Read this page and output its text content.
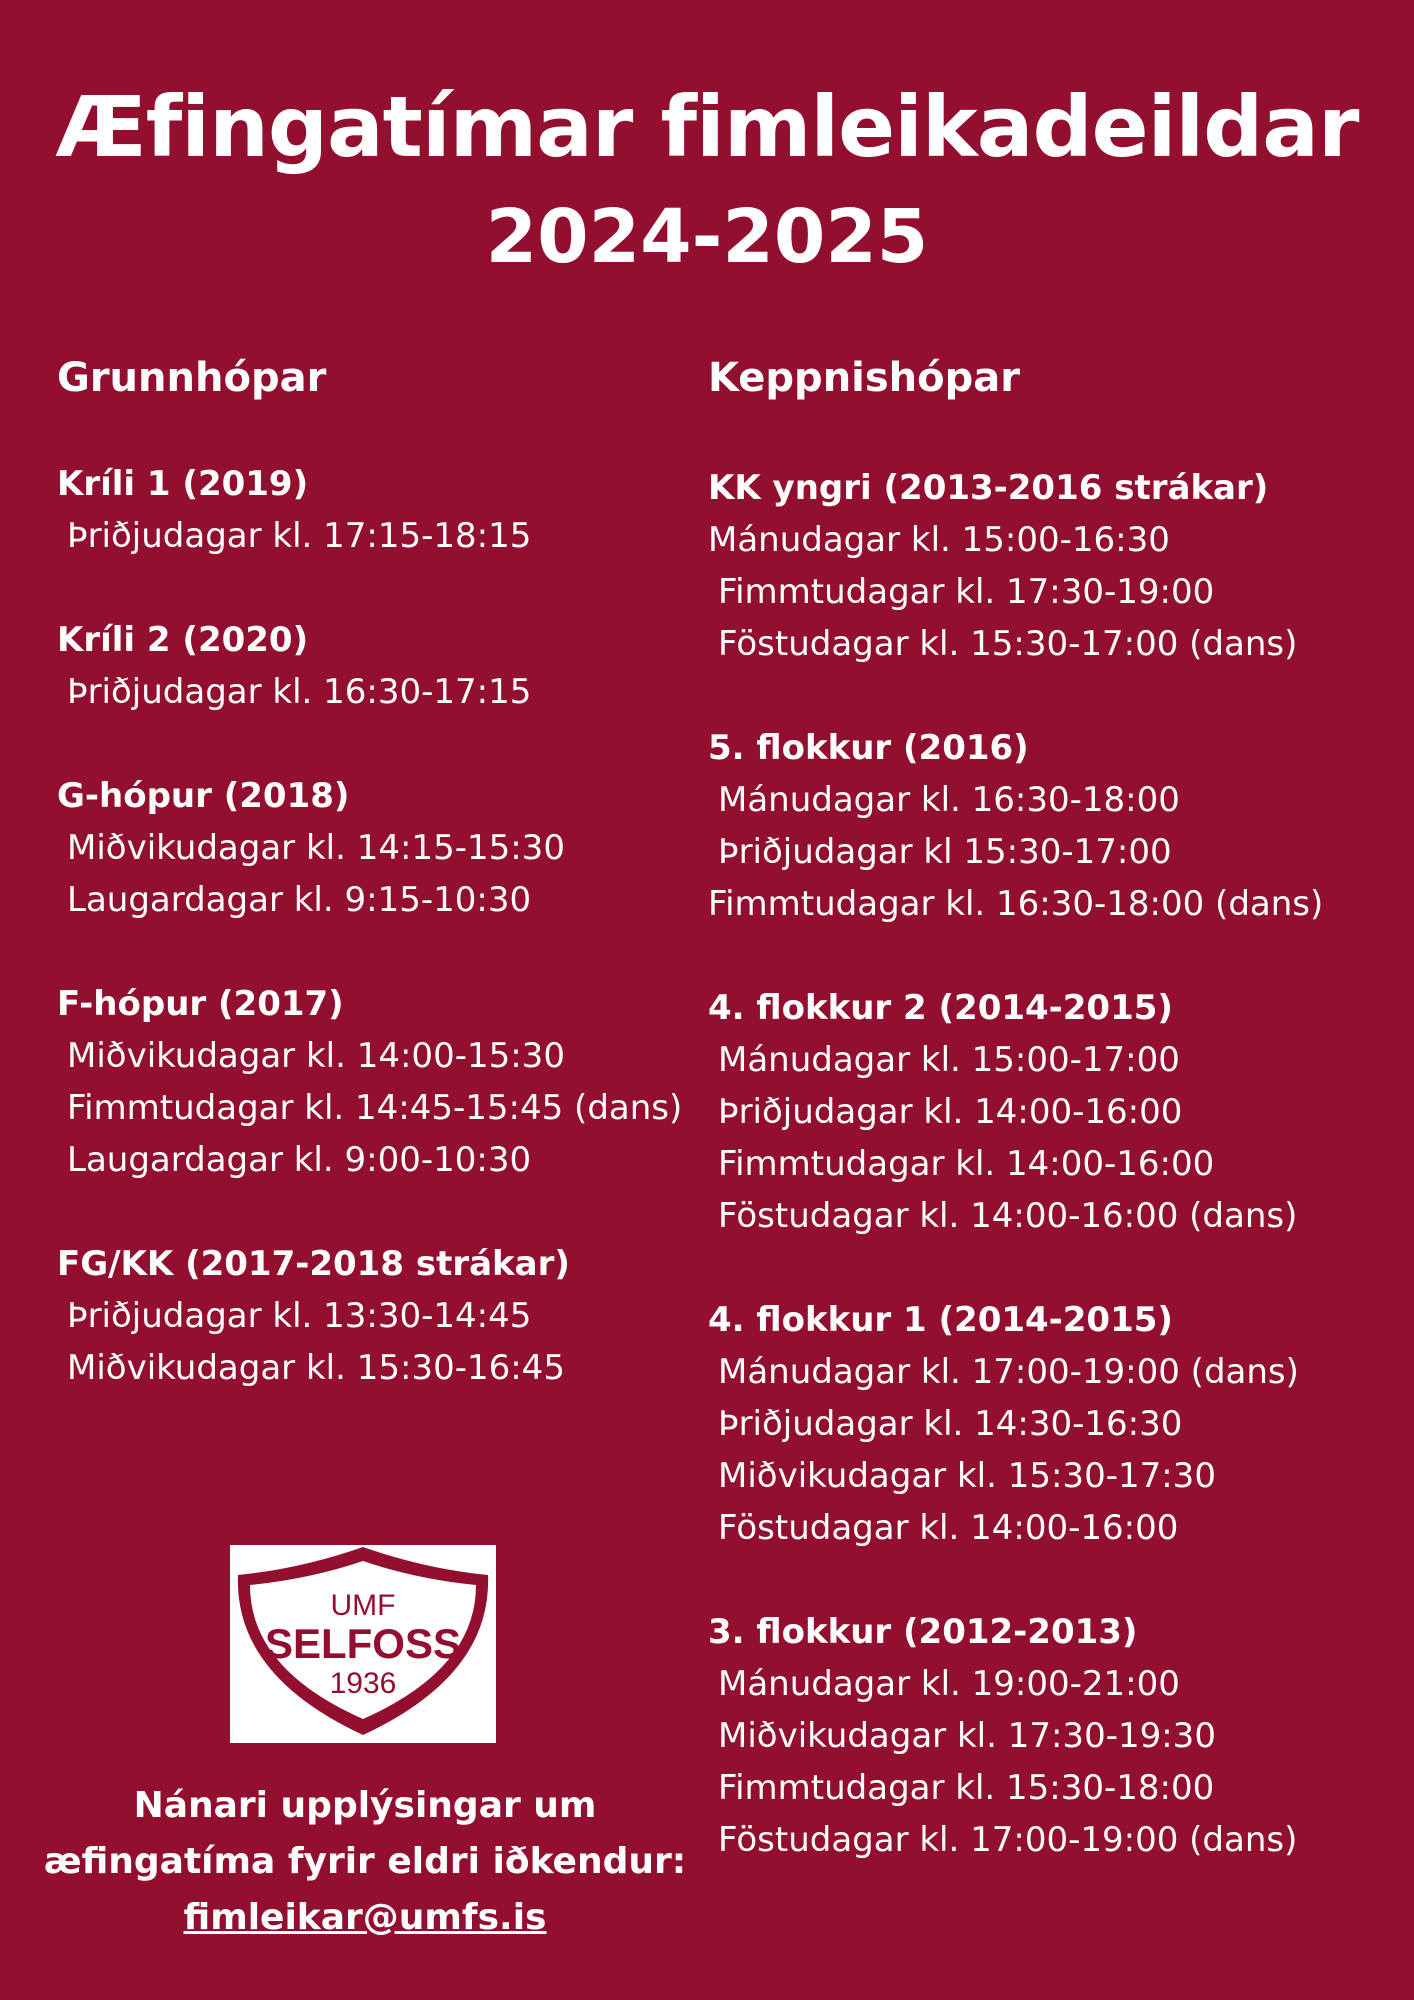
Æfingatímar fimleikadeildar
2024-2025
Grunnhópar
Kríli 1 (2019)
Þriðjudagar kl. 17:15-18:15
Kríli 2 (2020)
Þriðjudagar kl. 16:30-17:15
G-hópur (2018)
Miðvikudagar kl. 14:15-15:30
Laugardagar kl. 9:15-10:30
F-hópur (2017)
Miðvikudagar kl. 14:00-15:30
Fimmtudagar kl. 14:45-15:45 (dans)
Laugardagar kl. 9:00-10:30
FG/KK (2017-2018 strákar)
Þriðjudagar kl. 13:30-14:45
Miðvikudagar kl. 15:30-16:45
Keppnishópar
KK yngri (2013-2016 strákar)
Mánudagar kl. 15:00-16:30
Fimmtudagar kl. 17:30-19:00
Föstudagar kl. 15:30-17:00 (dans)
5. flokkur (2016)
Mánudagar kl. 16:30-18:00
Þriðjudagar kl 15:30-17:00
Fimmtudagar kl. 16:30-18:00 (dans)
4. flokkur 2 (2014-2015)
Mánudagar kl. 15:00-17:00
Þriðjudagar kl. 14:00-16:00
Fimmtudagar kl. 14:00-16:00
Föstudagar kl. 14:00-16:00 (dans)
4. flokkur 1 (2014-2015)
Mánudagar kl. 17:00-19:00 (dans)
Þriðjudagar kl. 14:30-16:30
Miðvikudagar kl. 15:30-17:30
Föstudagar kl. 14:00-16:00
3. flokkur (2012-2013)
Mánudagar kl. 19:00-21:00
Miðvikudagar kl. 17:30-19:30
Fimmtudagar kl. 15:30-18:00
Föstudagar kl. 17:00-19:00 (dans)
UMF
SELFOSS
1936
Nánari upplýsingar um
æfingatíma fyrir eldri iðkendur:
fimleikar@umfs.is
